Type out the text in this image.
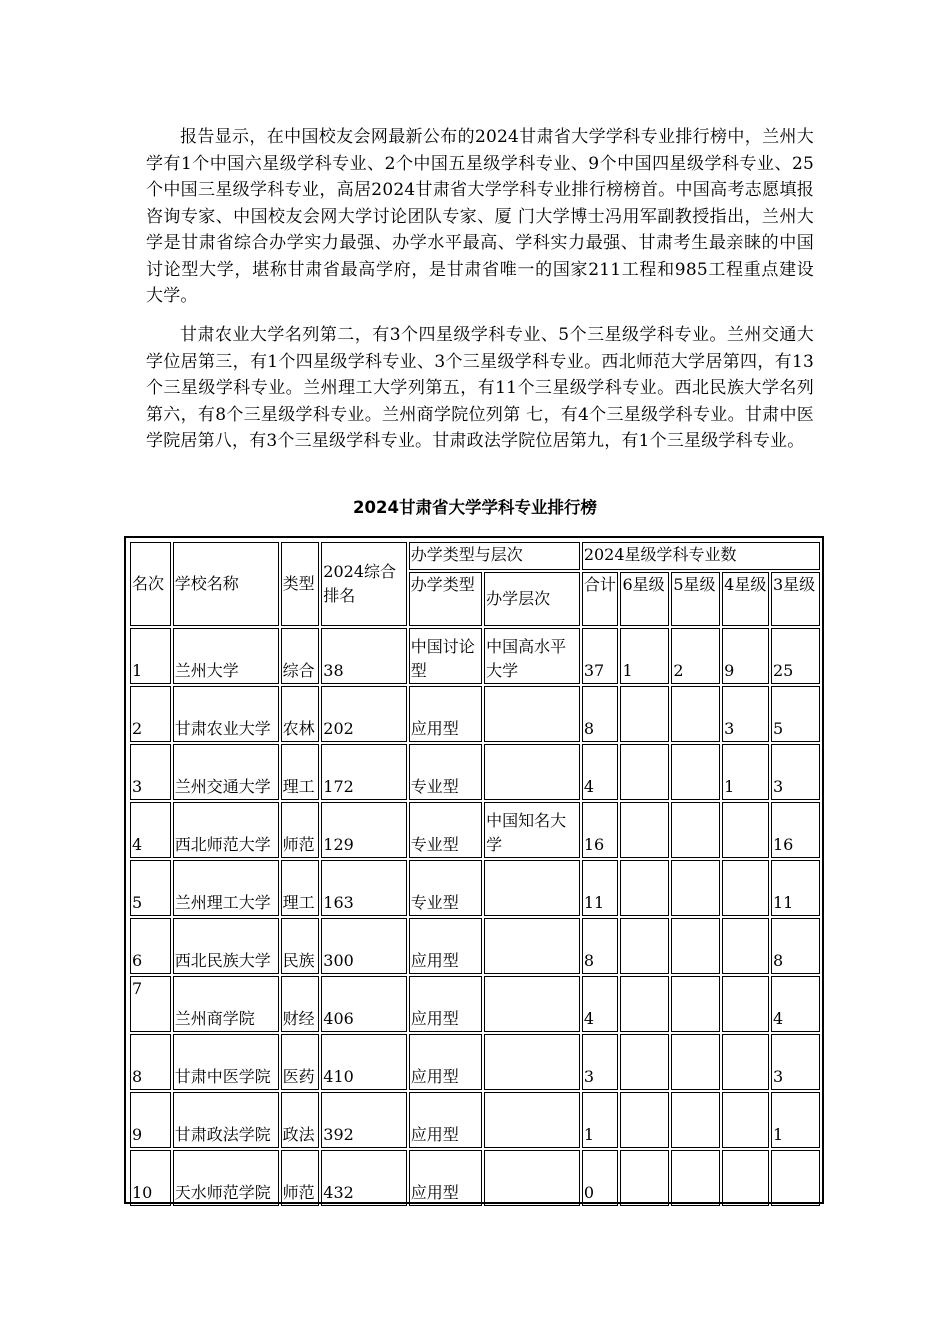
报告显示，在中国校友会网最新公布的2024甘肃省大学学科专业排行榜中，兰州大学有1个中国六星级学科专业、2个中国五星级学科专业、9个中国四星级学科专业、25个中国三星级学科专业，高居2024甘肃省大学学科专业排行榜榜首。中国高考志愿填报咨询专家、中国校友会网大学讨论团队专家、厦 门大学博士冯用军副教授指出，兰州大学是甘肃省综合办学实力最强、办学水平最高、学科实力最强、甘肃考生最亲睐的中国讨论型大学，堪称甘肃省最高学府，是甘肃省唯一的国家211工程和985工程重点建设大学。

甘肃农业大学名列第二，有3个四星级学科专业、5个三星级学科专业。兰州交通大学位居第三，有1个四星级学科专业、3个三星级学科专业。西北师范大学居第四，有13个三星级学科专业。兰州理工大学列第五，有11个三星级学科专业。西北民族大学名列第六，有8个三星级学科专业。兰州商学院位列第 七，有4个三星级学科专业。甘肃中医学院居第八，有3个三星级学科专业。甘肃政法学院位居第九，有1个三星级学科专业。

2024甘肃省大学学科专业排行榜
名次	学校名称	类型	2024综合排名	办学类型与层次		2024星级学科专业数				
				办学类型	办学层次	合计	6星级	5星级	4星级	3星级
1	兰州大学	综合	38	中国讨论型	中国高水平大学	37	1	2	9	25
2	甘肃农业大学	农林	202	应用型		8			3	5
3	兰州交通大学	理工	172	专业型		4			1	3
4	西北师范大学	师范	129	专业型	中国知名大学	16				16
5	兰州理工大学	理工	163	专业型		11				11
6	西北民族大学	民族	300	应用型		8				8
7	兰州商学院	财经	406	应用型		4				4
8	甘肃中医学院	医药	410	应用型		3				3
9	甘肃政法学院	政法	392	应用型		1				1
10	天水师范学院	师范	432	应用型		0				
